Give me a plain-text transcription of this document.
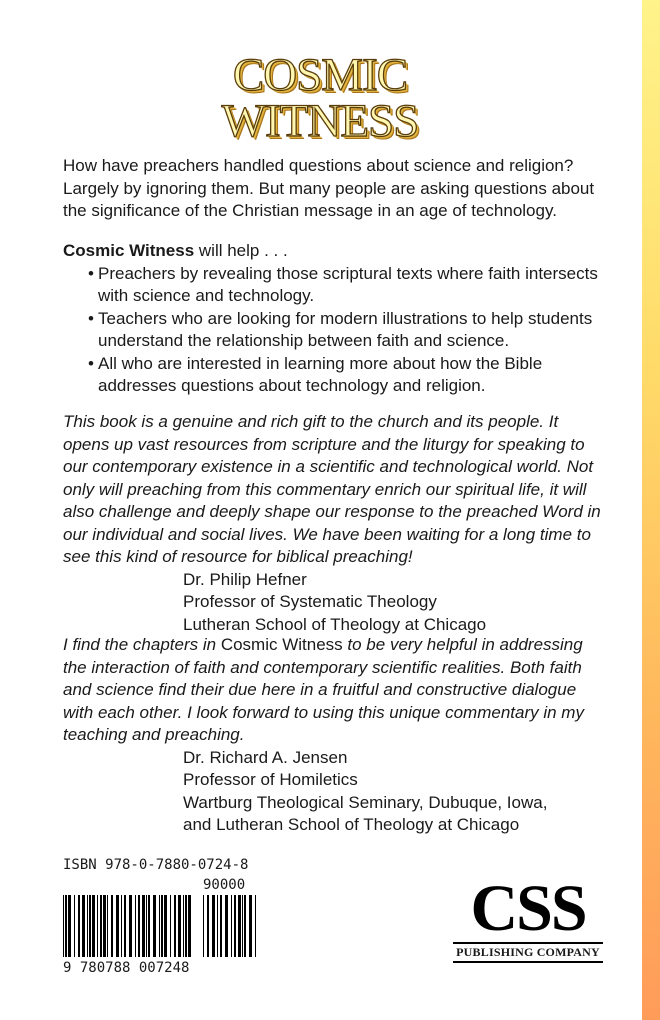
COSMIC
WITNESS
How have preachers handled questions about science and religion? Largely by ignoring them. But many people are asking questions about the significance of the Christian message in an age of technology.
Cosmic Witness will help . . .
• Preachers by revealing those scriptural texts where faith intersects with science and technology.
• Teachers who are looking for modern illustrations to help students understand the relationship between faith and science.
• All who are interested in learning more about how the Bible addresses questions about technology and religion.
This book is a genuine and rich gift to the church and its people. It opens up vast resources from scripture and the liturgy for speaking to our contemporary existence in a scientific and technological world. Not only will preaching from this commentary enrich our spiritual life, it will also challenge and deeply shape our response to the preached Word in our individual and social lives. We have been waiting for a long time to see this kind of resource for biblical preaching!
Dr. Philip Hefner
Professor of Systematic Theology
Lutheran School of Theology at Chicago
I find the chapters in Cosmic Witness to be very helpful in addressing the interaction of faith and contemporary scientific realities. Both faith and science find their due here in a fruitful and constructive dialogue with each other. I look forward to using this unique commentary in my teaching and preaching.
Dr. Richard A. Jensen
Professor of Homiletics
Wartburg Theological Seminary, Dubuque, Iowa,
and Lutheran School of Theology at Chicago
ISBN 978-0-7880-0724-8
90000
9 780788 007248
CSS
PUBLISHING COMPANY
